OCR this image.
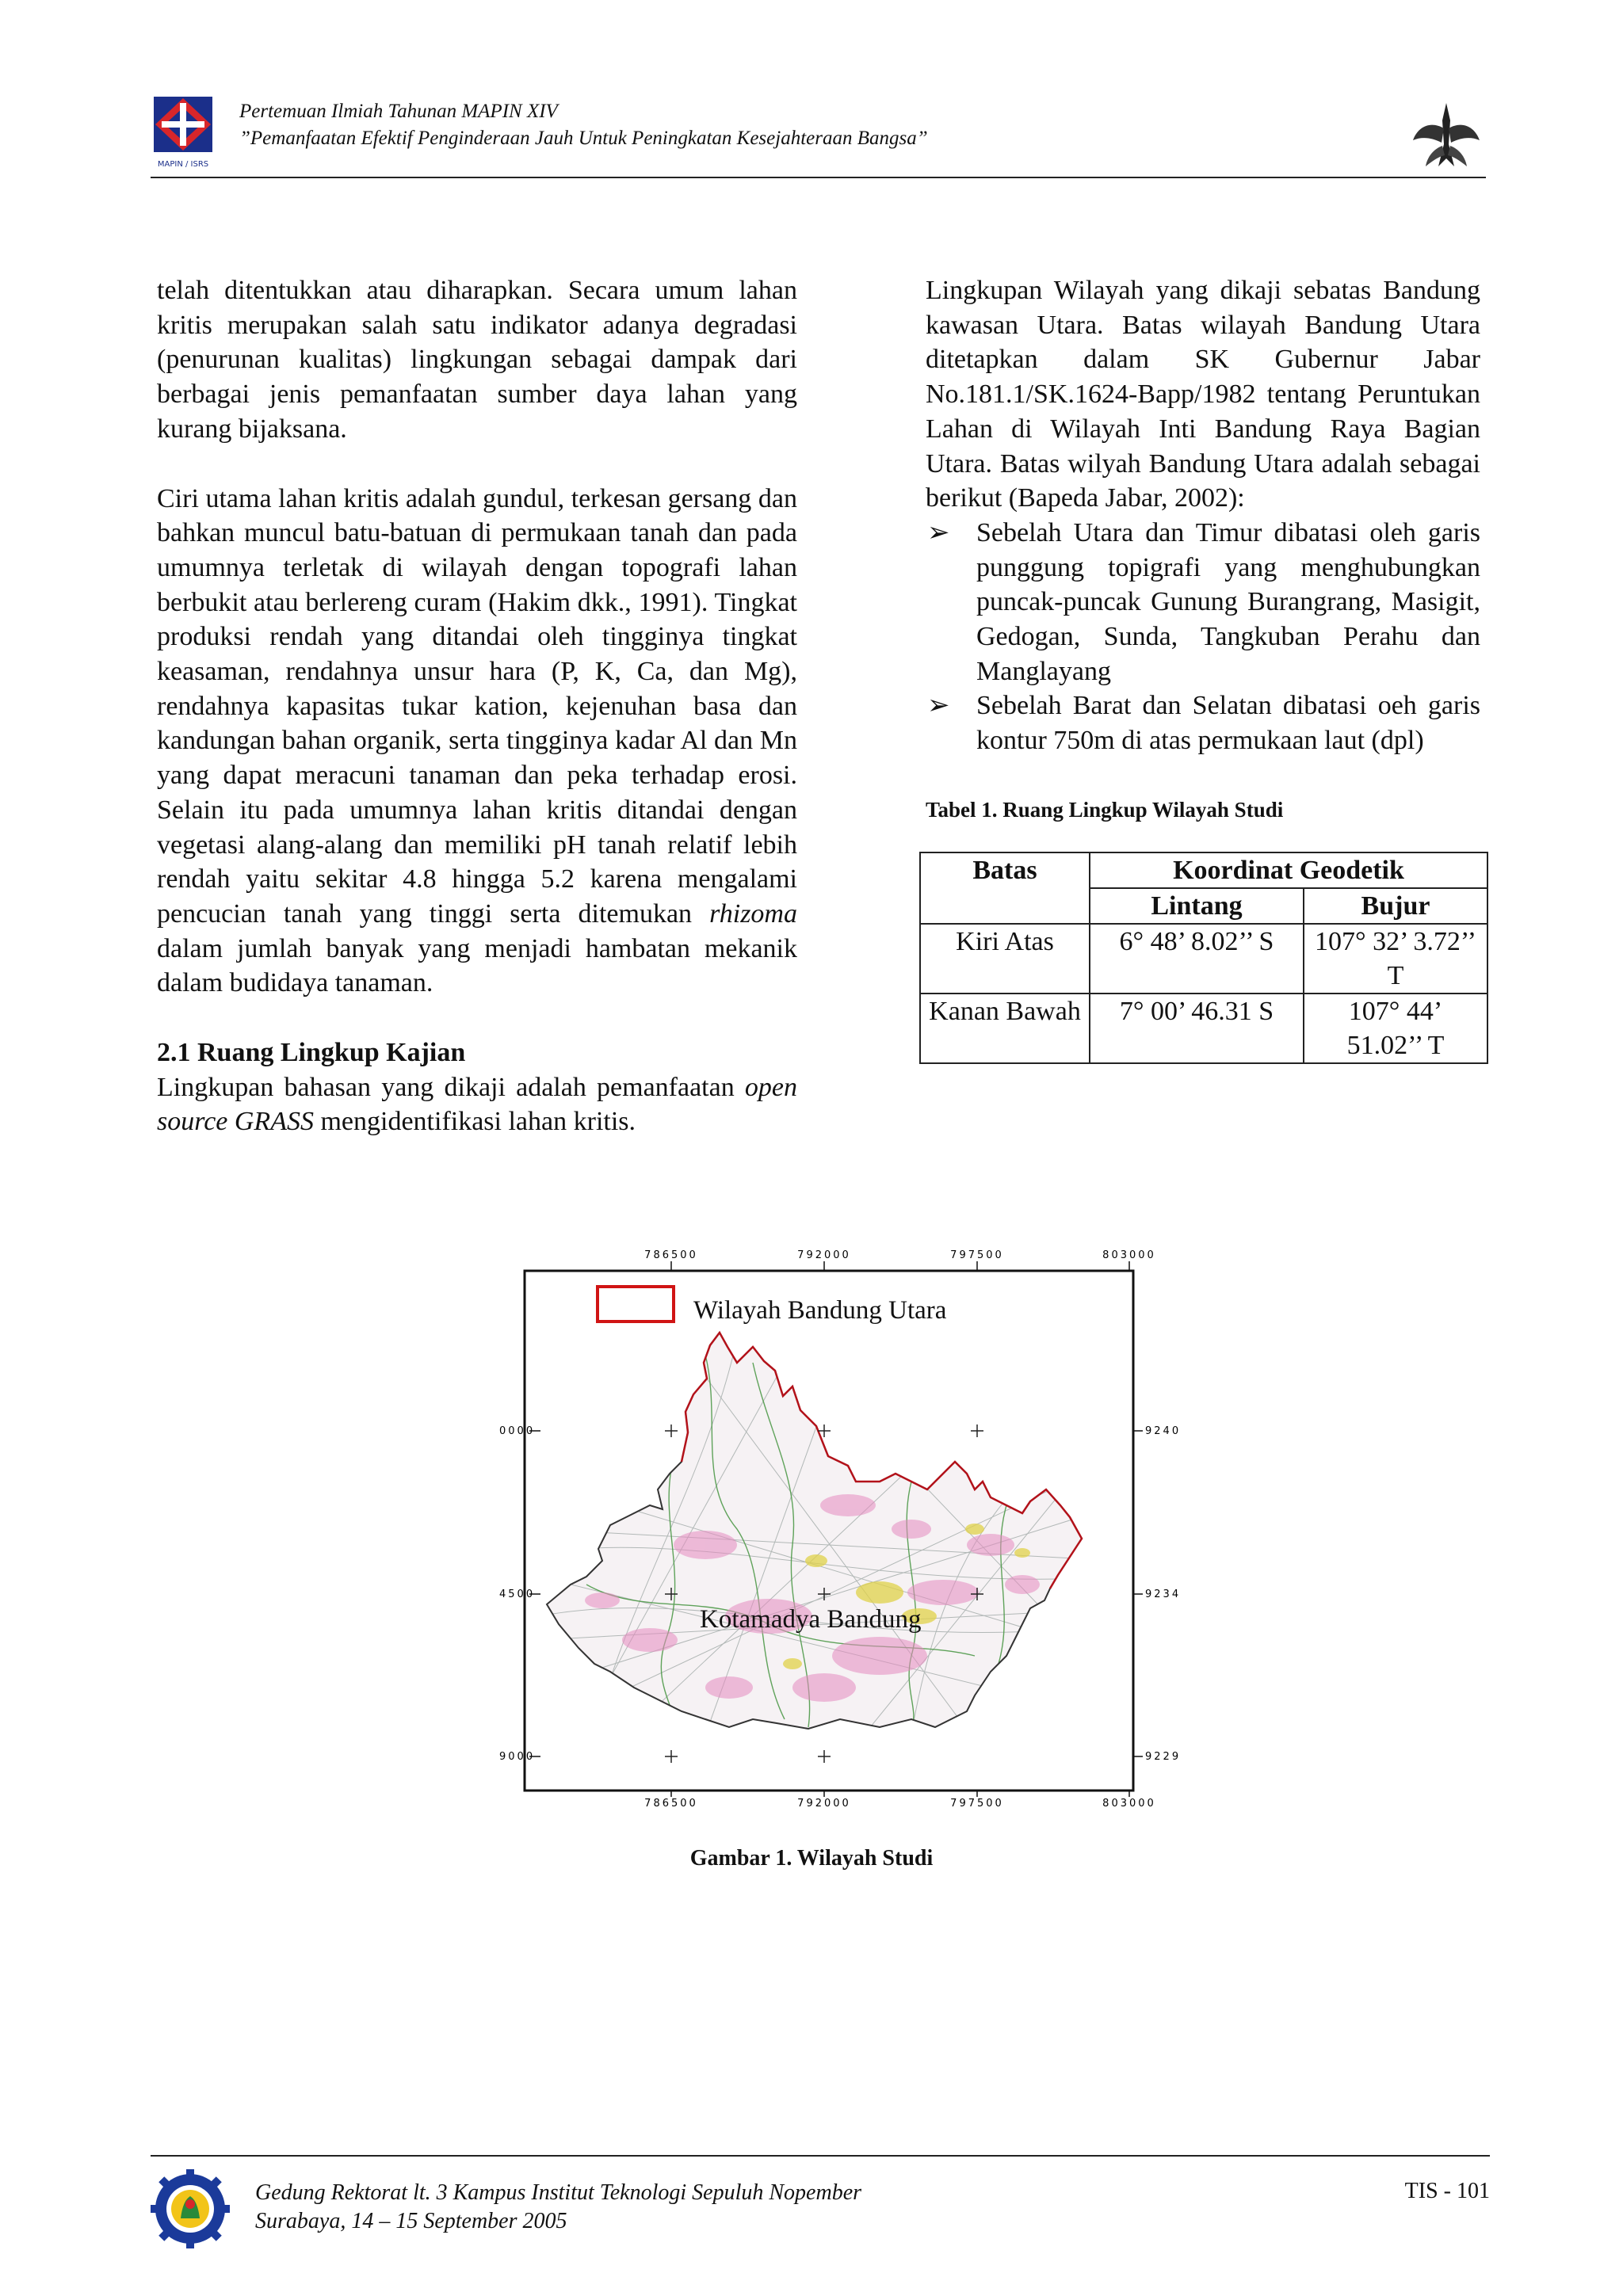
MAPIN / ISRS
Pertemuan Ilmiah Tahunan MAPIN XIV
”Pemanfaatan Efektif Penginderaan Jauh Untuk Peningkatan Kesejahteraan Bangsa”

telah ditentukkan atau diharapkan. Secara umum lahan kritis merupakan salah satu indikator adanya degradasi (penurunan kualitas) lingkungan sebagai dampak dari berbagai jenis pemanfaatan sumber daya lahan yang kurang bijaksana.

Ciri utama lahan kritis adalah gundul, terkesan gersang dan bahkan muncul batu-batuan di permukaan tanah dan pada umumnya terletak di wilayah dengan topografi lahan berbukit atau berlereng curam (Hakim dkk., 1991). Tingkat produksi rendah yang ditandai oleh tingginya tingkat keasaman, rendahnya unsur hara (P, K, Ca, dan Mg), rendahnya kapasitas tukar kation, kejenuhan basa dan kandungan bahan organik, serta tingginya kadar Al dan Mn yang dapat meracuni tanaman dan peka terhadap erosi. Selain itu pada umumnya lahan kritis ditandai dengan vegetasi alang-alang dan memiliki pH tanah relatif lebih rendah yaitu sekitar 4.8 hingga 5.2 karena mengalami pencucian tanah yang tinggi serta ditemukan rhizoma dalam jumlah banyak yang menjadi hambatan mekanik dalam budidaya tanaman.

2.1 Ruang Lingkup Kajian

Lingkupan bahasan yang dikaji adalah pemanfaatan open source GRASS mengidentifikasi lahan kritis.

Lingkupan Wilayah yang dikaji sebatas Bandung kawasan Utara. Batas wilayah Bandung Utara ditetapkan dalam SK Gubernur Jabar No.181.1/SK.1624-Bapp/1982 tentang Peruntukan Lahan di Wilayah Inti Bandung Raya Bagian Utara. Batas wilyah Bandung Utara adalah sebagai berikut (Bapeda Jabar, 2002):

➢ Sebelah Utara dan Timur dibatasi oleh garis punggung topigrafi yang menghubungkan puncak-puncak Gunung Burangrang, Masigit, Gedogan, Sunda, Tangkuban Perahu dan Manglayang
➢ Sebelah Barat dan Selatan dibatasi oeh garis kontur 750m di atas permukaan laut (dpl)
Tabel 1. Ruang Lingkup Wilayah Studi
Batas	Koordinat Geodetik	
	Lintang	Bujur
Kiri Atas	6° 48’ 8.02’’ S	107° 32’ 3.72’’ T
Kanan Bawah	7° 00’ 46.31 S	107° 44’ 51.02’’ T
786500	792000	797500	803000
786500	792000	797500	803000
0000
4500
9000
9240
9234
9229
Wilayah Bandung Utara
Kotamadya Bandung
Gambar 1. Wilayah Studi
Gedung Rektorat lt. 3 Kampus Institut Teknologi Sepuluh Nopember
Surabaya, 14 – 15 September 2005
TIS - 101
